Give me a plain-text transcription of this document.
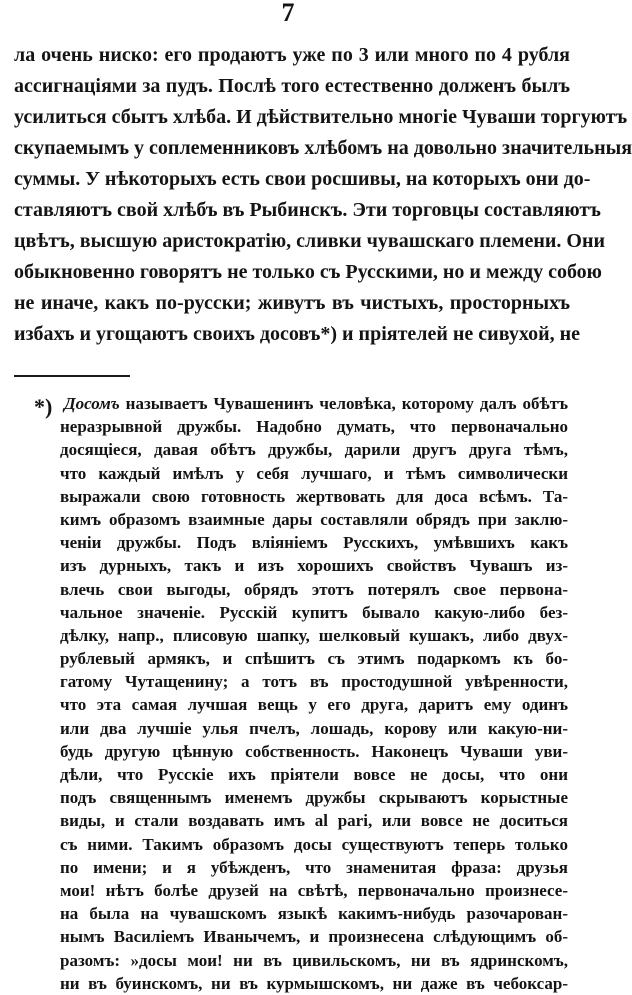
7
ла очень ниско: его продаютъ уже по 3 или много по 4 рубля
ассигнаціями за пудъ. Послѣ того естественно долженъ былъ
усилиться сбытъ хлѣба. И дѣйствительно многіе Чуваши торгуютъ
скупаемымъ у соплеменниковъ хлѣбомъ на довольно значительныя
суммы. У нѣкоторыхъ есть свои росшивы, на которыхъ они до-
ставляютъ свой хлѣбъ въ Рыбинскъ. Эти торговцы составляютъ
цвѣтъ, высшую аристократію, сливки чувашскаго племени. Они
обыкновенно говорятъ не только съ Русскими, но и между собою
не иначе, какъ по-русски; живутъ въ чистыхъ, просторныхъ
избахъ и угощаютъ своихъ досовъ*) и пріятелей не сивухой, не
*) Досомъ называетъ Чувашенинъ человѣка, которому далъ обѣтъ
неразрывной дружбы. Надобно думать, что первоначально
досящіеся, давая обѣтъ дружбы, дарили другъ друга тѣмъ,
что каждый имѣлъ у себя лучшаго, и тѣмъ символически
выражали свою готовность жертвовать для доса всѣмъ. Та-
кимъ образомъ взаимные дары составляли обрядъ при заклю-
ченіи дружбы. Подъ вліяніемъ Русскихъ, умѣвшихъ какъ
изъ дурныхъ, такъ и изъ хорошихъ свойствъ Чувашъ из-
влечь свои выгоды, обрядъ этотъ потерялъ свое первона-
чальное значеніе. Русскій купитъ бывало какую-либо без-
дѣлку, напр., плисовую шапку, шелковый кушакъ, либо двух-
рублевый армякъ, и спѣшитъ съ этимъ подаркомъ къ бо-
гатому Чутащенину; а тотъ въ простодушной увѣренности,
что эта самая лучшая вещь у его друга, даритъ ему одинъ
или два лучшіе улья пчелъ, лошадь, корову или какую-ни-
будь другую цѣнную собственность. Наконецъ Чуваши уви-
дѣли, что Русскіе ихъ пріятели вовсе не досы, что они
подъ священнымъ именемъ дружбы скрываютъ корыстные
виды, и стали воздавать имъ al pari, или вовсе не доситься
съ ними. Такимъ образомъ досы существуютъ теперь только
по имени; и я убѣжденъ, что знаменитая фраза: друзья
мои! нѣтъ болѣе друзей на свѣтѣ, первоначально произнесе-
на была на чувашскомъ языкѣ какимъ-нибудь разочарован-
нымъ Василіемъ Иванычемъ, и произнесена слѣдующимъ об-
разомъ: »досы мои! ни въ цивильскомъ, ни въ ядринскомъ,
ни въ буинскомъ, ни въ курмышскомъ, ни даже въ чебоксар-
